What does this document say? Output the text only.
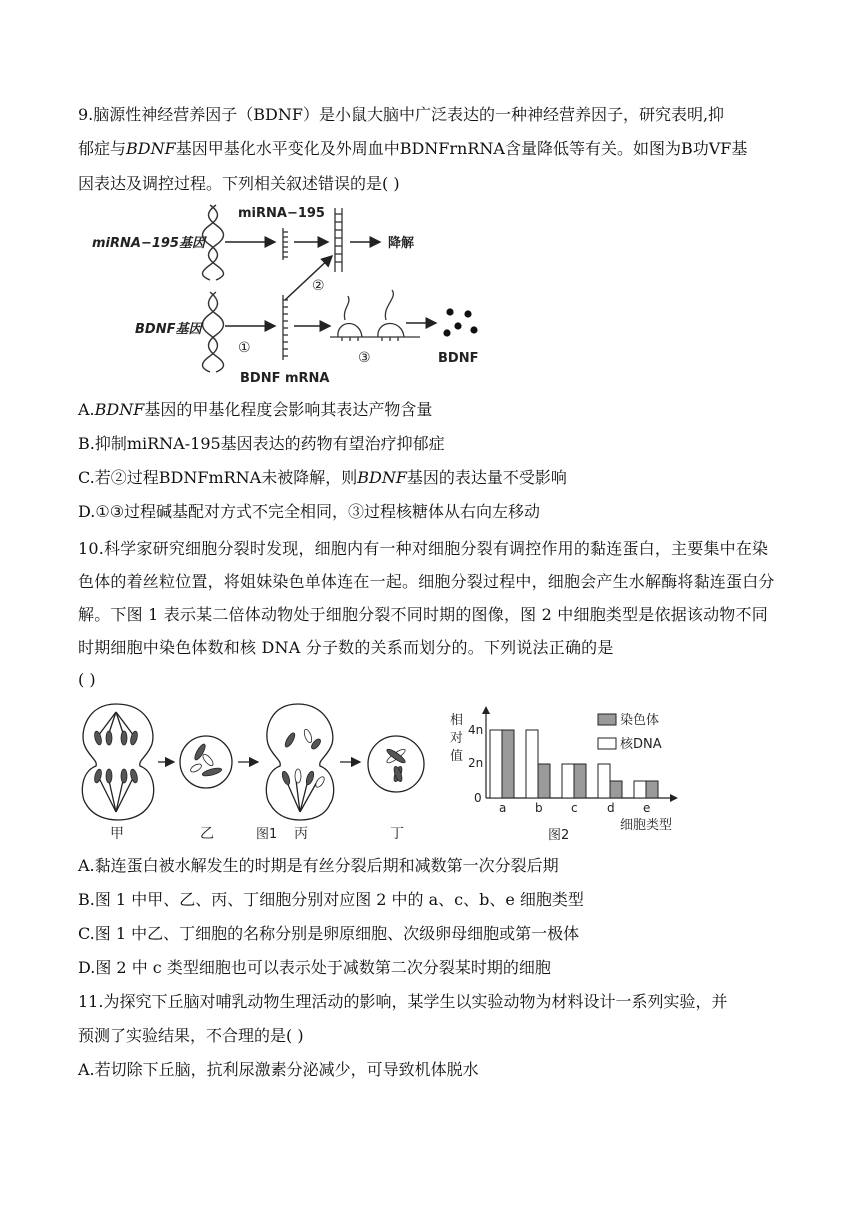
9.脑源性神经营养因子（BDNF）是小鼠大脑中广泛表达的一种神经营养因子，研究表明,抑
郁症与BDNF基因甲基化水平变化及外周血中BDNFrnRNA含量降低等有关。如图为B功VF基
因表达及调控过程。下列相关叙述错误的是( )
miRNA−195基因
miRNA−195
降解
②
BDNF基因
①
BDNF mRNA
③	BDNF
A.BDNF基因的甲基化程度会影响其表达产物含量
B.抑制miRNA-195基因表达的药物有望治疗抑郁症
C.若②过程BDNFmRNA未被降解，则BDNF基因的表达量不受影响
D.①③过程碱基配对方式不完全相同，③过程核糖体从右向左移动
10.科学家研究细胞分裂时发现，细胞内有一种对细胞分裂有调控作用的黏连蛋白，主要集中在染色体的着丝粒位置，将姐妹染色单体连在一起。细胞分裂过程中，细胞会产生水解酶将黏连蛋白分解。下图 1 表示某二倍体动物处于细胞分裂不同时期的图像，图 2 中细胞类型是依据该动物不同时期细胞中染色体数和核 DNA 分子数的关系而划分的。下列说法正确的是
( )
甲	乙	图1 丙	丁
相
对
值
4n
2n
0
a b c d e
染色体
核DNA
细胞类型
图2
A.黏连蛋白被水解发生的时期是有丝分裂后期和减数第一次分裂后期
B.图 1 中甲、乙、丙、丁细胞分别对应图 2 中的 a、c、b、e 细胞类型
C.图 1 中乙、丁细胞的名称分别是卵原细胞、次级卵母细胞或第一极体
D.图 2 中 c 类型细胞也可以表示处于减数第二次分裂某时期的细胞
11.为探究下丘脑对哺乳动物生理活动的影响，某学生以实验动物为材料设计一系列实验，并
预测了实验结果，不合理的是( )
A.若切除下丘脑，抗利尿激素分泌减少，可导致机体脱水
